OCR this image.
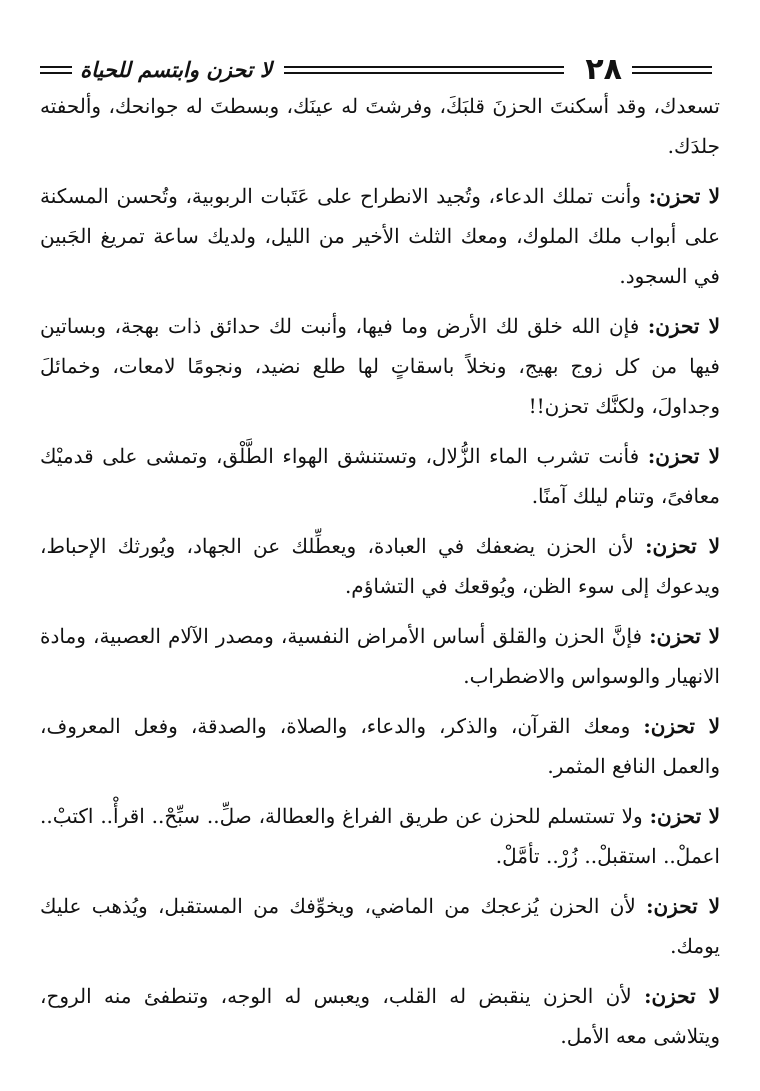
٢٨
لا تحزن وابتسم للحياة

تسعدك، وقد أسكنتَ الحزنَ قلبَكَ، وفرشتَ له عينَك، وبسطتَ له جوانحك، وألحفته جلدَك.

لا تحزن: وأنت تملك الدعاء، وتُجيد الانطراح على عَتَبات الربوبية، وتُحسن المسكنة على أبواب ملك الملوك، ومعك الثلث الأخير من الليل، ولديك ساعة تمريغ الجَبين في السجود.

لا تحزن: فإن الله خلق لك الأرض وما فيها، وأنبت لك حدائق ذات بهجة، وبساتين فيها من كل زوج بهيج، ونخلاً باسقاتٍ لها طلع نضيد، ونجومًا لامعات، وخمائلَ وجداولَ، ولكنَّك تحزن!!

لا تحزن: فأنت تشرب الماء الزُّلال، وتستنشق الهواء الطَّلْق، وتمشى على قدميْك معافىً، وتنام ليلك آمنًا.

لا تحزن: لأن الحزن يضعفك في العبادة، ويعطِّلك عن الجهاد، ويُورثك الإحباط، ويدعوك إلى سوء الظن، ويُوقعك في التشاؤم.

لا تحزن: فإنَّ الحزن والقلق أساس الأمراض النفسية، ومصدر الآلام العصبية، ومادة الانهيار والوسواس والاضطراب.

لا تحزن: ومعك القرآن، والذكر، والدعاء، والصلاة، والصدقة، وفعل المعروف، والعمل النافع المثمر.

لا تحزن: ولا تستسلم للحزن عن طريق الفراغ والعطالة، صلِّ.. سبِّحْ.. اقرأْ.. اكتبْ.. اعملْ.. استقبلْ.. زُرْ.. تأمَّلْ.

لا تحزن: لأن الحزن يُزعجك من الماضي، ويخوِّفك من المستقبل، ويُذهب عليك يومك.

لا تحزن: لأن الحزن ينقبض له القلب، ويعبس له الوجه، وتنطفئ منه الروح، ويتلاشى معه الأمل.
